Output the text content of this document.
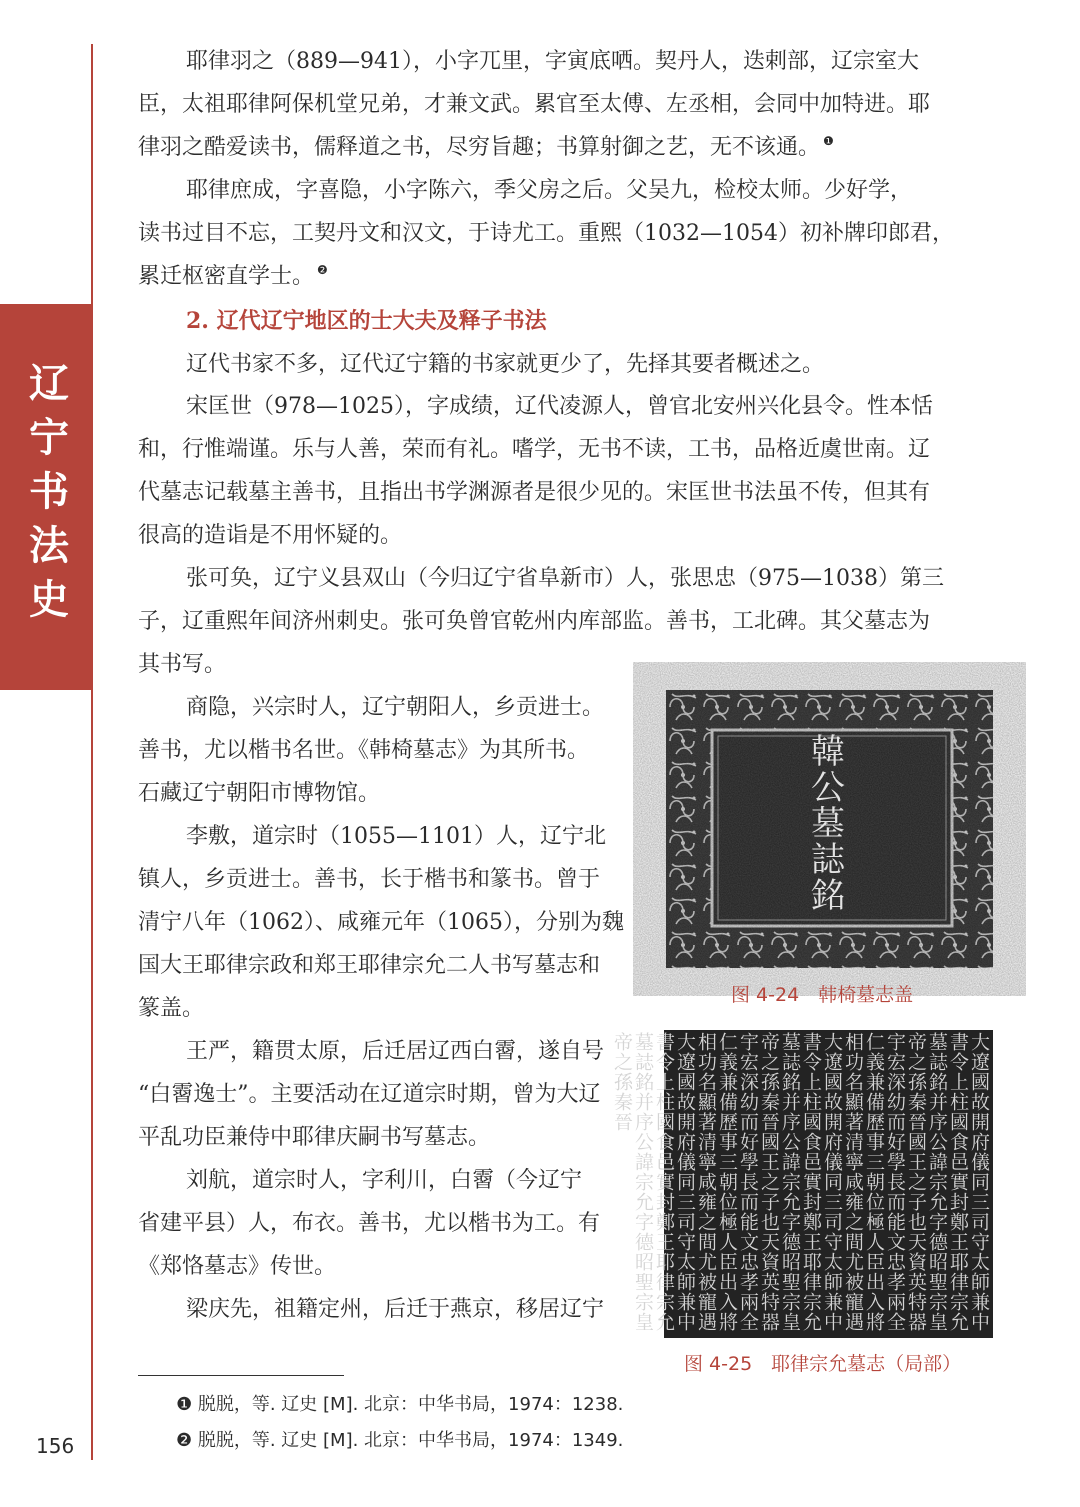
辽宁书法史
耶律羽之（889—941），小字兀里，字寅底哂。契丹人，迭剌部，辽宗室大
臣，太祖耶律阿保机堂兄弟，才兼文武。累官至太傅、左丞相，会同中加特进。耶
律羽之酷爱读书，儒释道之书，尽穷旨趣；书算射御之艺，无不该通。 $^❶$
耶律庶成，字喜隐，小字陈六，季父房之后。父吴九，检校太师。少好学，
读书过目不忘，工契丹文和汉文，于诗尤工。重熙（1032—1054）初补牌印郎君，
累迁枢密直学士。 $^❷$
2. 辽代辽宁地区的士大夫及释子书法
辽代书家不多，辽代辽宁籍的书家就更少了，先择其要者概述之。
宋匡世（978—1025），字成绩，辽代凌源人，曾官北安州兴化县令。性本恬
和，行惟端谨。乐与人善，荣而有礼。嗜学，无书不读，工书，品格近虞世南。辽
代墓志记载墓主善书，且指出书学渊源者是很少见的。宋匡世书法虽不传，但其有
很高的造诣是不用怀疑的。
张可奂，辽宁义县双山（今归辽宁省阜新市）人，张思忠（975—1038）第三
子，辽重熙年间济州刺史。张可奂曾官乾州内库部监。善书，工北碑。其父墓志为
其书写。
商隐，兴宗时人，辽宁朝阳人，乡贡进士。
善书，尤以楷书名世。《韩椅墓志》为其所书。
石藏辽宁朝阳市博物馆。
李敷，道宗时（1055—1101）人，辽宁北
镇人，乡贡进士。善书，长于楷书和篆书。曾于
清宁八年（1062）、咸雍元年（1065），分别为魏
国大王耶律宗政和郑王耶律宗允二人书写墓志和
篆盖。
王严，籍贯太原，后迁居辽西白霫，遂自号
“白霫逸士”。主要活动在辽道宗时期，曾为大辽
平乱功臣兼侍中耶律庆嗣书写墓志。
刘航，道宗时人，字利川，白霫（今辽宁
省建平县）人，布衣。善书，尤以楷书为工。有
《郑恪墓志》传世。
梁庆先，祖籍定州，后迁于燕京，移居辽宁
韓
公
墓
誌
銘
图 4-24　韩椅墓志盖
大遼國故開府儀同三司守太師兼中書令上柱國食邑實封鄭王耶律宗允墓誌銘并序公諱宗允字德昭聖宗皇帝之孫秦晉國王之子也天資英特器宇宏深幼而好學長而能文忠孝兩全仁義兼備歷事三朝位極人臣出入將相功名顯著清寧咸雍之間尤被寵遇大遼國故開府儀同三司守太師兼中書令上柱國食邑實封鄭王耶律宗允墓誌銘并序公諱宗允字德昭聖宗皇帝之孫秦晉國王之子也天資英特器宇宏深幼而好學長而能文忠孝兩全仁義兼備歷事三朝位極人臣出入將相功名顯著清寧咸雍之間尤被寵遇大遼國故開府儀同三司守太師兼中書令上柱國食邑實封鄭王耶律宗允墓誌銘并序公諱宗允字德昭聖宗皇帝之孫秦晉
图 4-25　耶律宗允墓志（局部）
❶ 脱脱，等. 辽史 [M]. 北京：中华书局，1974：1238.
❷ 脱脱，等. 辽史 [M]. 北京：中华书局，1974：1349.
156
